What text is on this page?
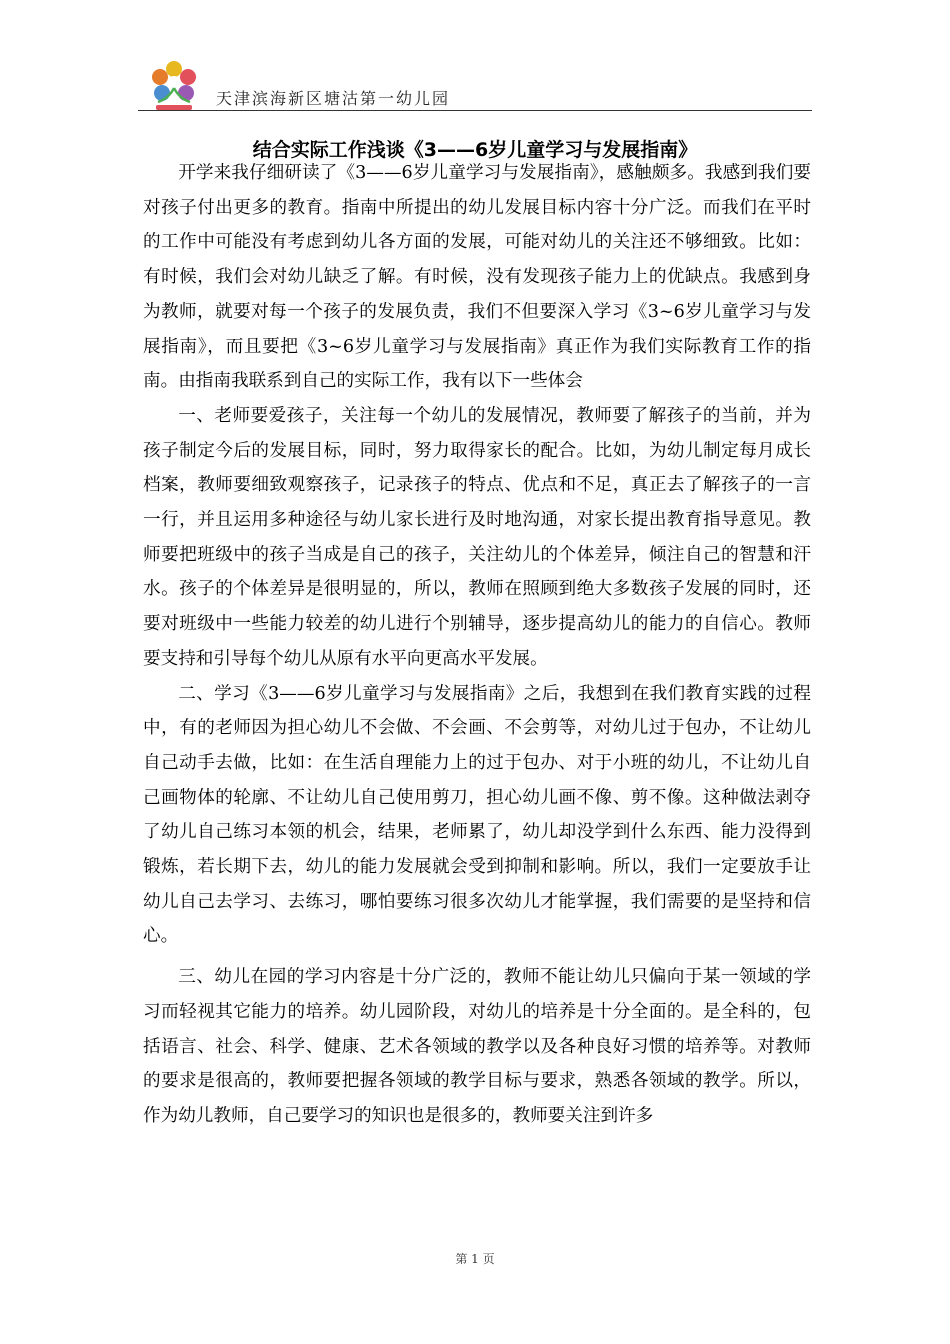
天津滨海新区塘沽第一幼儿园
结合实际工作浅谈《3——6岁儿童学习与发展指南》

开学来我仔细研读了《3——6岁儿童学习与发展指南》，感触颇多。我感到我们要对孩子付出更多的教育。指南中所提出的幼儿发展目标内容十分广泛。而我们在平时的工作中可能没有考虑到幼儿各方面的发展，可能对幼儿的关注还不够细致。比如：有时候，我们会对幼儿缺乏了解。有时候，没有发现孩子能力上的优缺点。我感到身为教师，就要对每一个孩子的发展负责，我们不但要深入学习《3~6岁儿童学习与发展指南》，而且要把《3~6岁儿童学习与发展指南》真正作为我们实际教育工作的指南。由指南我联系到自己的实际工作，我有以下一些体会

一、老师要爱孩子，关注每一个幼儿的发展情况，教师要了解孩子的当前，并为孩子制定今后的发展目标，同时，努力取得家长的配合。比如，为幼儿制定每月成长档案，教师要细致观察孩子，记录孩子的特点、优点和不足，真正去了解孩子的一言一行，并且运用多种途径与幼儿家长进行及时地沟通，对家长提出教育指导意见。教师要把班级中的孩子当成是自己的孩子，关注幼儿的个体差异，倾注自己的智慧和汗水。孩子的个体差异是很明显的，所以，教师在照顾到绝大多数孩子发展的同时，还要对班级中一些能力较差的幼儿进行个别辅导，逐步提高幼儿的能力的自信心。教师要支持和引导每个幼儿从原有水平向更高水平发展。

二、学习《3——6岁儿童学习与发展指南》之后，我想到在我们教育实践的过程中，有的老师因为担心幼儿不会做、不会画、不会剪等，对幼儿过于包办，不让幼儿自己动手去做，比如：在生活自理能力上的过于包办、对于小班的幼儿，不让幼儿自己画物体的轮廓、不让幼儿自己使用剪刀，担心幼儿画不像、剪不像。这种做法剥夺了幼儿自己练习本领的机会，结果，老师累了，幼儿却没学到什么东西、能力没得到锻炼，若长期下去，幼儿的能力发展就会受到抑制和影响。所以，我们一定要放手让幼儿自己去学习、去练习，哪怕要练习很多次幼儿才能掌握，我们需要的是坚持和信心。

三、幼儿在园的学习内容是十分广泛的，教师不能让幼儿只偏向于某一领域的学习而轻视其它能力的培养。幼儿园阶段，对幼儿的培养是十分全面的。是全科的，包括语言、社会、科学、健康、艺术各领域的教学以及各种良好习惯的培养等。对教师的要求是很高的，教师要把握各领域的教学目标与要求，熟悉各领域的教学。所以，作为幼儿教师，自己要学习的知识也是很多的，教师要关注到许多

第 1 页
